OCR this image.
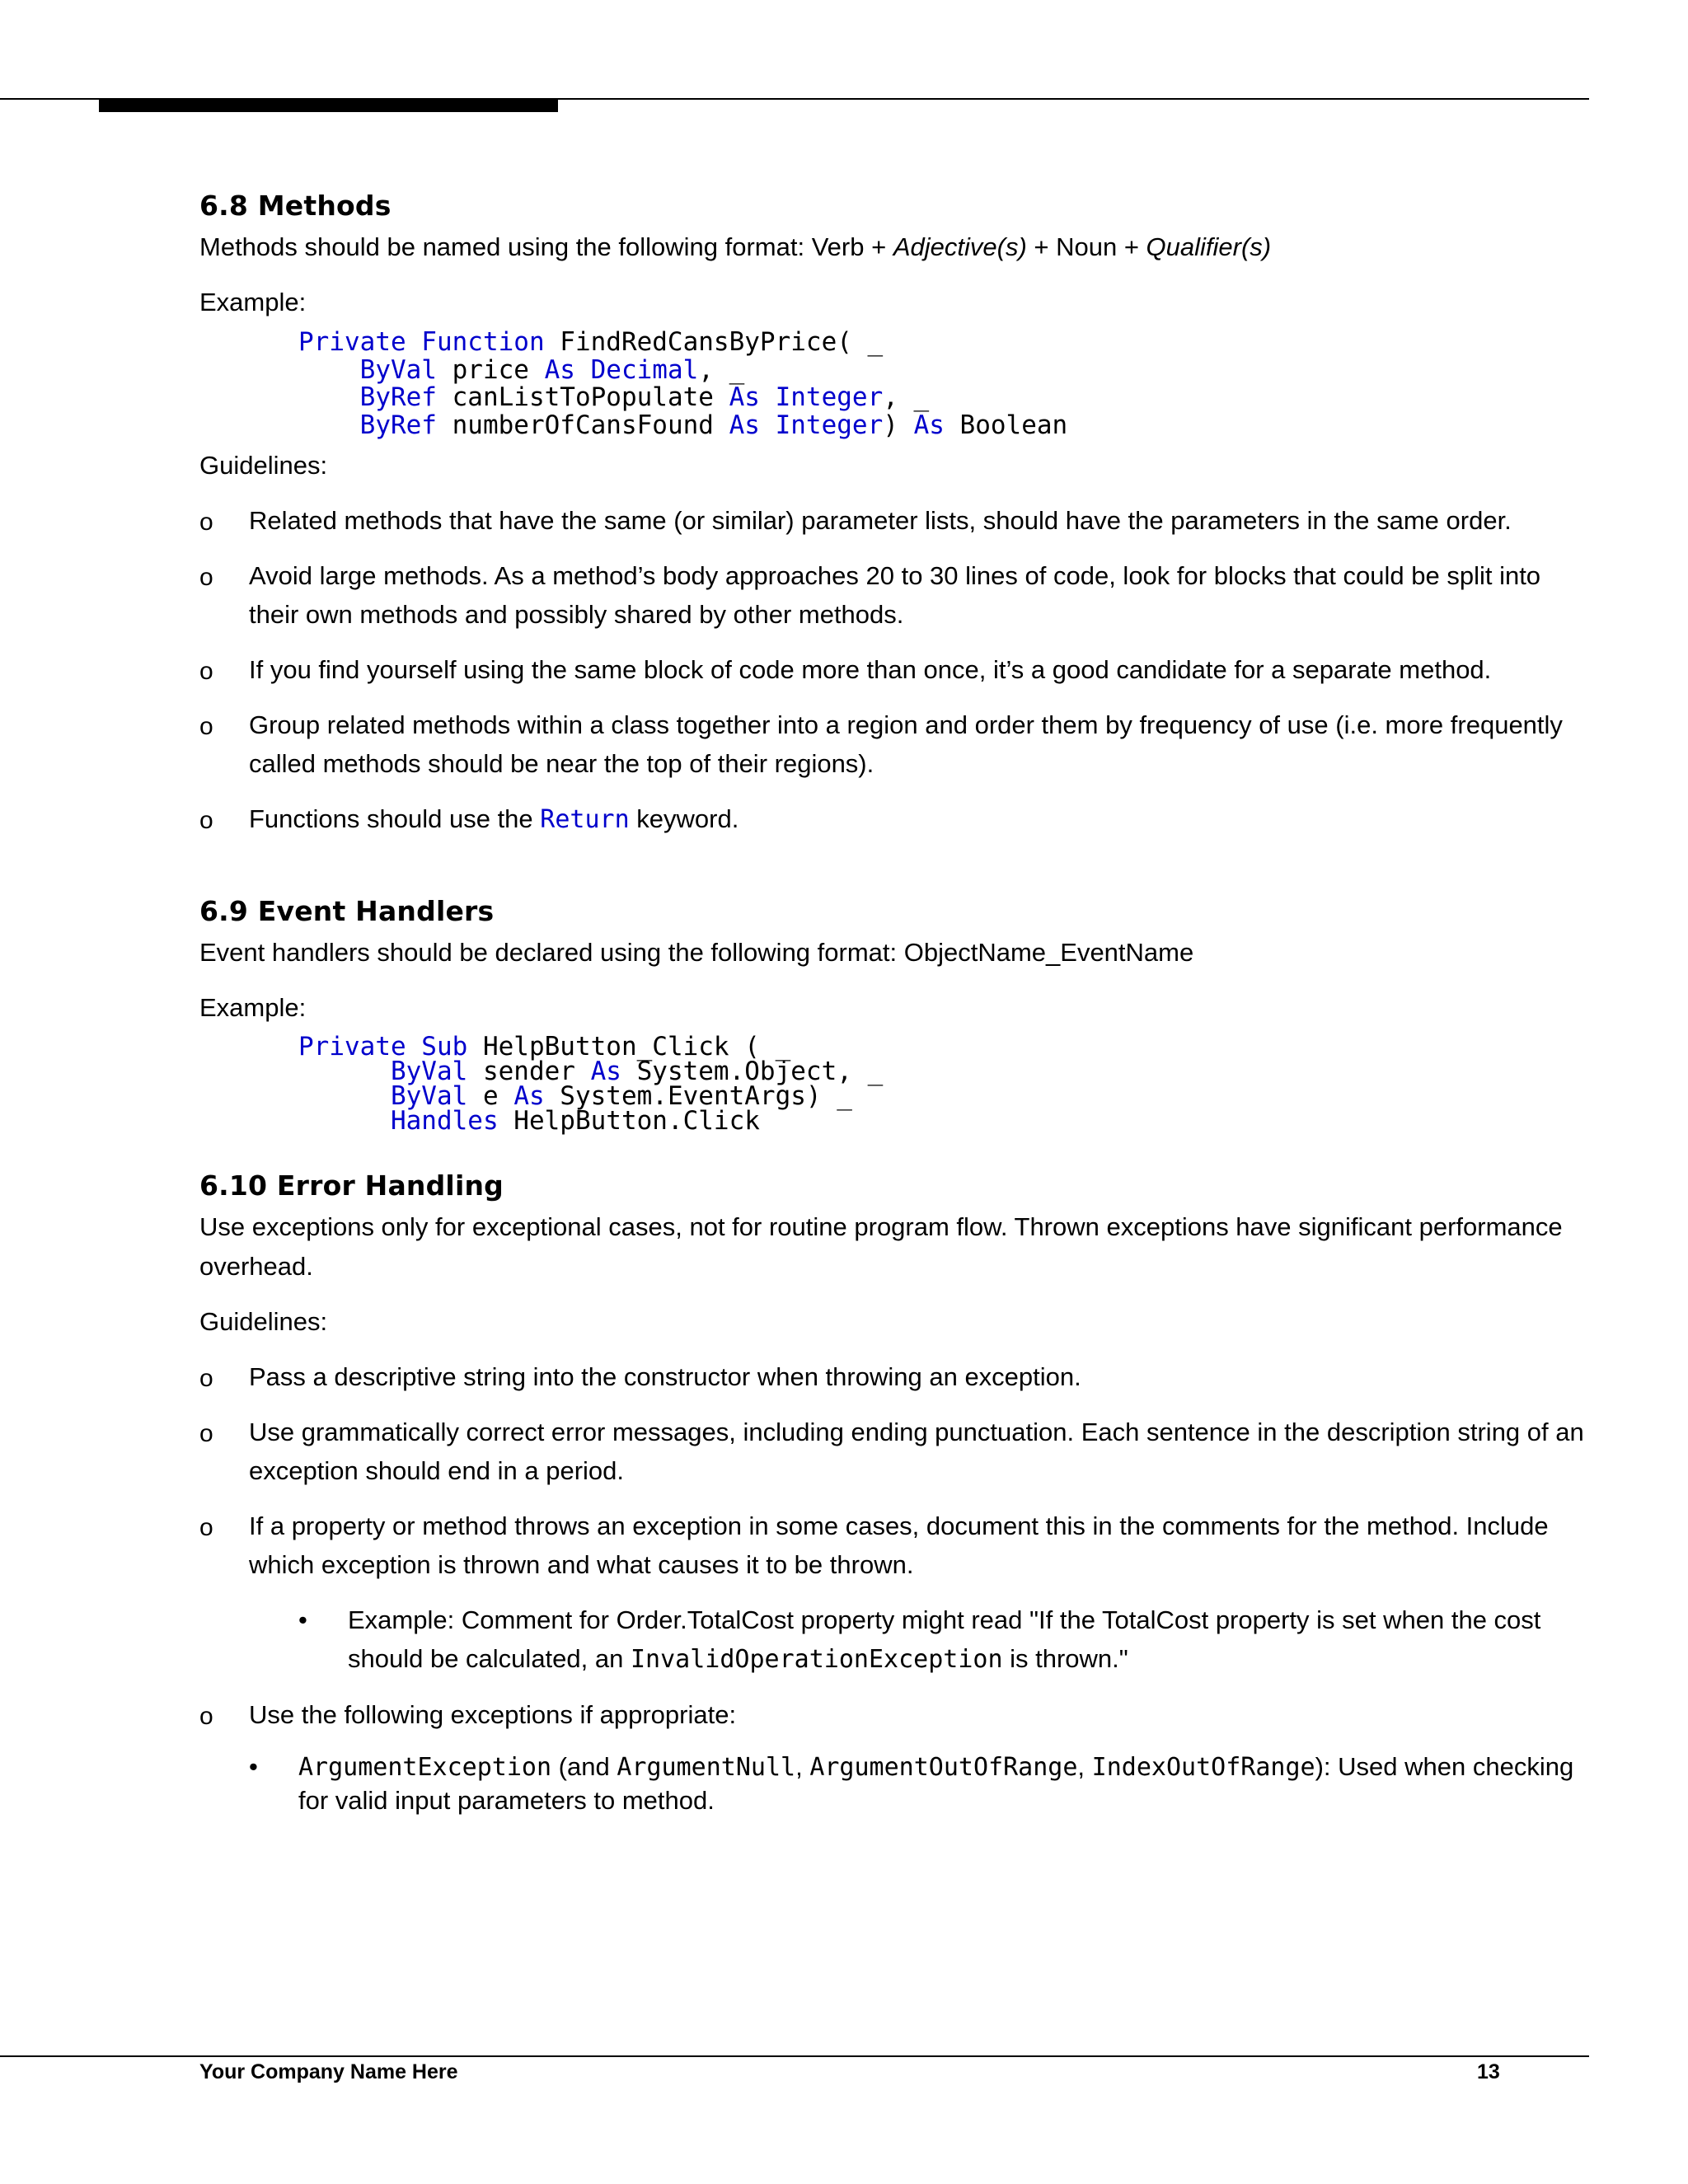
6.8 Methods

Methods should be named using the following format: Verb + Adjective(s) + Noun + Qualifier(s)

Example:

Private Function FindRedCansByPrice( _
ByVal price As Decimal, _
ByRef canListToPopulate As Integer, _
ByRef numberOfCansFound As Integer) As Boolean

Guidelines:

o Related methods that have the same (or similar) parameter lists, should have the parameters in the same order.
o Avoid large methods. As a method’s body approaches 20 to 30 lines of code, look for blocks that could be split into their own methods and possibly shared by other methods.
o If you find yourself using the same block of code more than once, it’s a good candidate for a separate method.
o Group related methods within a class together into a region and order them by frequency of use (i.e. more frequently called methods should be near the top of their regions).
o Functions should use the Return keyword.
6.9 Event Handlers

Event handlers should be declared using the following format: ObjectName_EventName

Example:

Private Sub HelpButton_Click ( _
ByVal sender As System.Object, _
ByVal e As System.EventArgs) _
Handles HelpButton.Click
6.10 Error Handling

Use exceptions only for exceptional cases, not for routine program flow. Thrown exceptions have significant performance overhead.

Guidelines:

o Pass a descriptive string into the constructor when throwing an exception.
o Use grammatically correct error messages, including ending punctuation. Each sentence in the description string of an exception should end in a period.
o If a property or method throws an exception in some cases, document this in the comments for the method. Include which exception is thrown and what causes it to be thrown.
• Example: Comment for Order.TotalCost property might read "If the TotalCost property is set when the cost should be calculated, an InvalidOperationException is thrown."
o Use the following exceptions if appropriate:
• ArgumentException (and ArgumentNull, ArgumentOutOfRange, IndexOutOfRange): Used when checking for valid input parameters to method.
Your Company Name Here	13
